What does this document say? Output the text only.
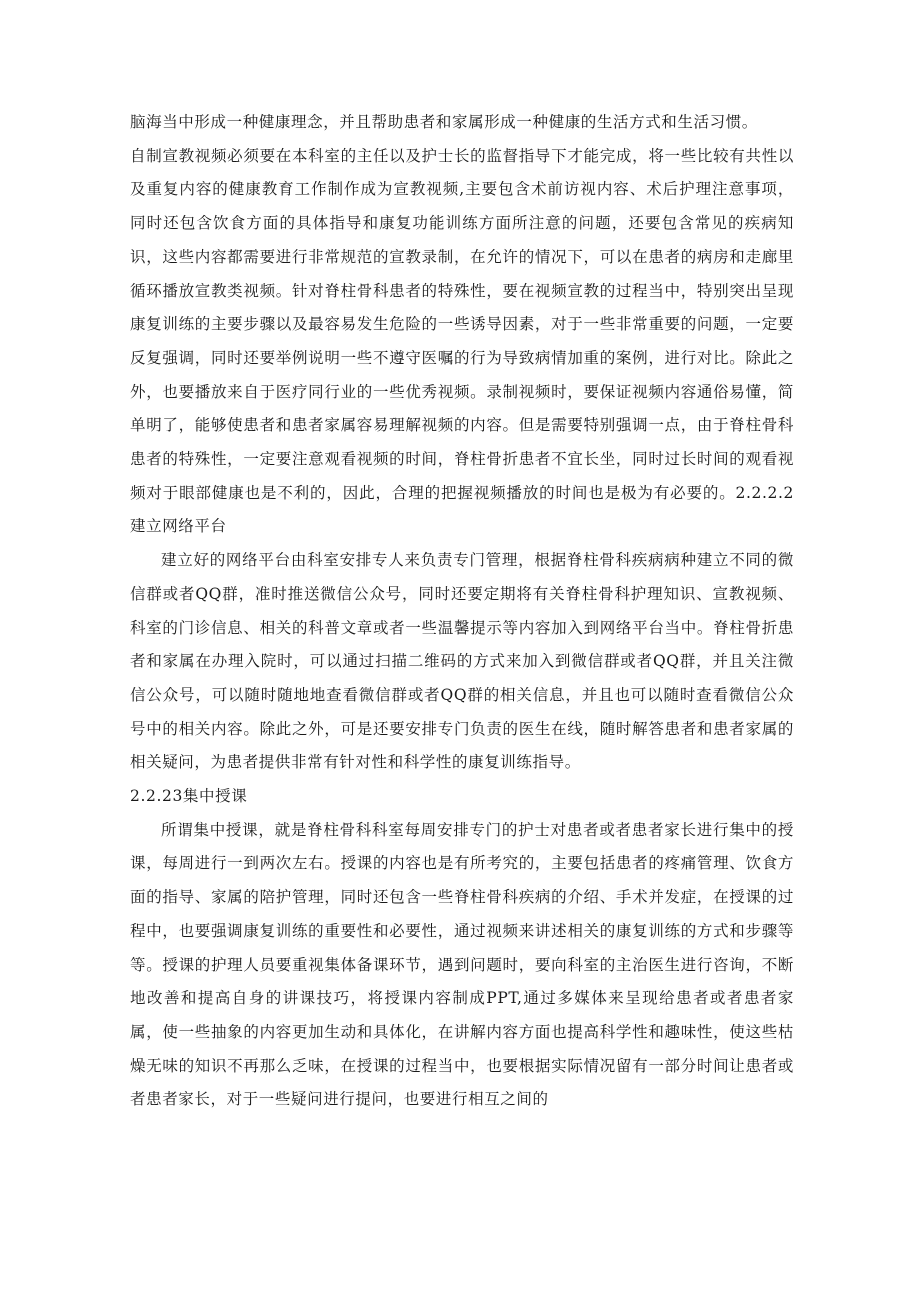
脑海当中形成一种健康理念，并且帮助患者和家属形成一种健康的生活方式和生活习惯。

自制宣教视频必须要在本科室的主任以及护士长的监督指导下才能完成，将一些比较有共性以及重复内容的健康教育工作制作成为宣教视频,主要包含术前访视内容、术后护理注意事项，同时还包含饮食方面的具体指导和康复功能训练方面所注意的问题，还要包含常见的疾病知识，这些内容都需要进行非常规范的宣教录制，在允许的情况下，可以在患者的病房和走廊里循环播放宣教类视频。针对脊柱骨科患者的特殊性，要在视频宣教的过程当中，特别突出呈现康复训练的主要步骤以及最容易发生危险的一些诱导因素，对于一些非常重要的问题，一定要反复强调，同时还要举例说明一些不遵守医嘱的行为导致病情加重的案例，进行对比。除此之外，也要播放来自于医疗同行业的一些优秀视频。录制视频时，要保证视频内容通俗易懂，简单明了，能够使患者和患者家属容易理解视频的内容。但是需要特别强调一点，由于脊柱骨科患者的特殊性，一定要注意观看视频的时间，脊柱骨折患者不宜长坐，同时过长时间的观看视频对于眼部健康也是不利的，因此，合理的把握视频播放的时间也是极为有必要的。2.2.2.2建立网络平台

建立好的网络平台由科室安排专人来负责专门管理，根据脊柱骨科疾病病种建立不同的微信群或者QQ群，准时推送微信公众号，同时还要定期将有关脊柱骨科护理知识、宣教视频、科室的门诊信息、相关的科普文章或者一些温馨提示等内容加入到网络平台当中。脊柱骨折患者和家属在办理入院时，可以通过扫描二维码的方式来加入到微信群或者QQ群，并且关注微信公众号，可以随时随地地查看微信群或者QQ群的相关信息，并且也可以随时查看微信公众号中的相关内容。除此之外，可是还要安排专门负责的医生在线，随时解答患者和患者家属的相关疑问，为患者提供非常有针对性和科学性的康复训练指导。

2.2.23集中授课

所谓集中授课，就是脊柱骨科科室每周安排专门的护士对患者或者患者家长进行集中的授课，每周进行一到两次左右。授课的内容也是有所考究的，主要包括患者的疼痛管理、饮食方面的指导、家属的陪护管理，同时还包含一些脊柱骨科疾病的介绍、手术并发症，在授课的过程中，也要强调康复训练的重要性和必要性，通过视频来讲述相关的康复训练的方式和步骤等等。授课的护理人员要重视集体备课环节，遇到问题时，要向科室的主治医生进行咨询，不断地改善和提高自身的讲课技巧，将授课内容制成PPT,通过多媒体来呈现给患者或者患者家属，使一些抽象的内容更加生动和具体化，在讲解内容方面也提高科学性和趣味性，使这些枯燥无味的知识不再那么乏味，在授课的过程当中，也要根据实际情况留有一部分时间让患者或者患者家长，对于一些疑问进行提问，也要进行相互之间的
